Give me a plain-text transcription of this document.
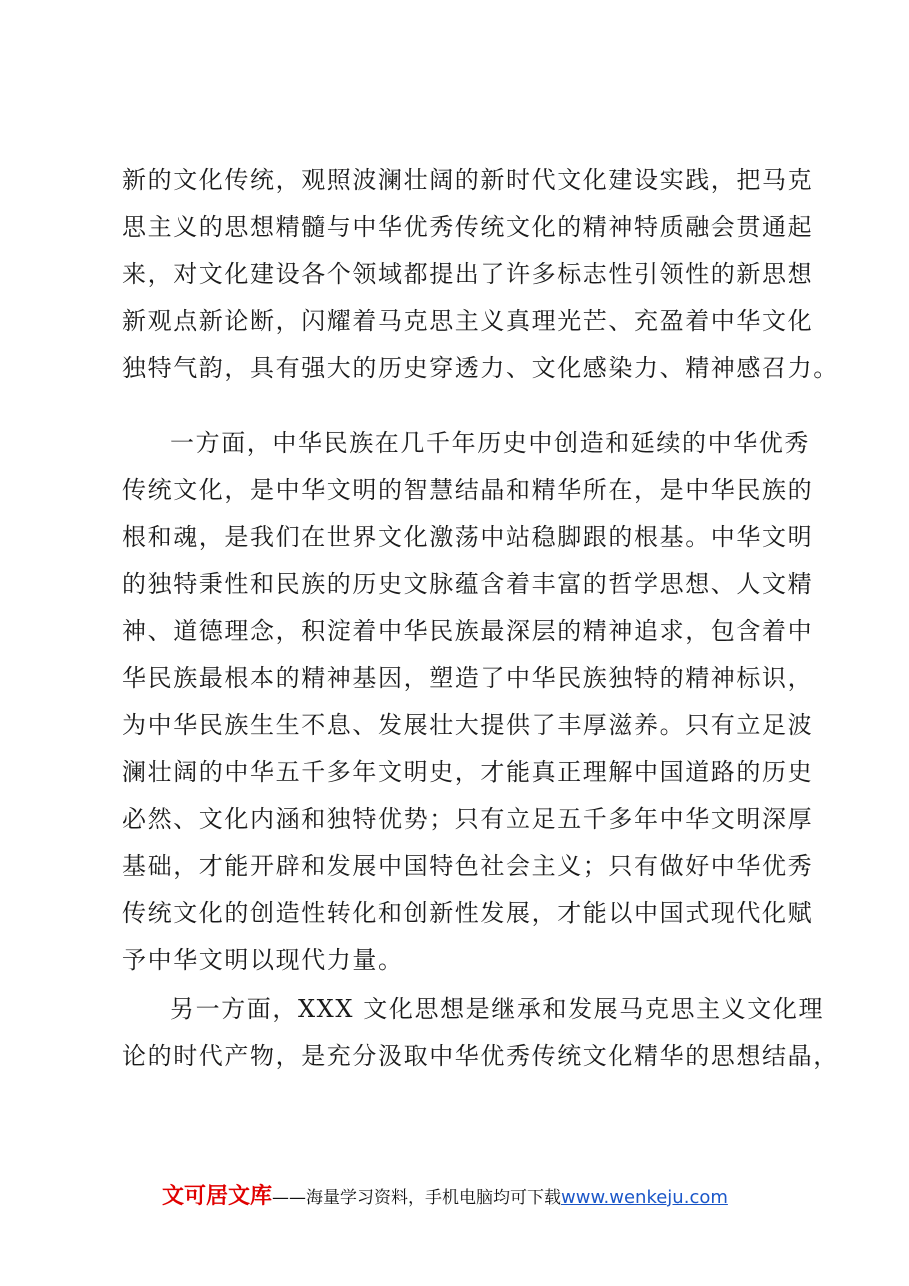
新的文化传统，观照波澜壮阔的新时代文化建设实践，把马克
思主义的思想精髓与中华优秀传统文化的精神特质融会贯通起
来，对文化建设各个领域都提出了许多标志性引领性的新思想
新观点新论断，闪耀着马克思主义真理光芒、充盈着中华文化
独特气韵，具有强大的历史穿透力、文化感染力、精神感召力。
一方面，中华民族在几千年历史中创造和延续的中华优秀
传统文化，是中华文明的智慧结晶和精华所在，是中华民族的
根和魂，是我们在世界文化激荡中站稳脚跟的根基。中华文明
的独特秉性和民族的历史文脉蕴含着丰富的哲学思想、人文精
神、道德理念，积淀着中华民族最深层的精神追求，包含着中
华民族最根本的精神基因，塑造了中华民族独特的精神标识，
为中华民族生生不息、发展壮大提供了丰厚滋养。只有立足波
澜壮阔的中华五千多年文明史，才能真正理解中国道路的历史
必然、文化内涵和独特优势；只有立足五千多年中华文明深厚
基础，才能开辟和发展中国特色社会主义；只有做好中华优秀
传统文化的创造性转化和创新性发展，才能以中国式现代化赋
予中华文明以现代力量。
另一方面，XXX 文化思想是继承和发展马克思主义文化理
论的时代产物，是充分汲取中华优秀传统文化精华的思想结晶，
文可居文库——海量学习资料，手机电脑均可下载www.wenkeju.com
